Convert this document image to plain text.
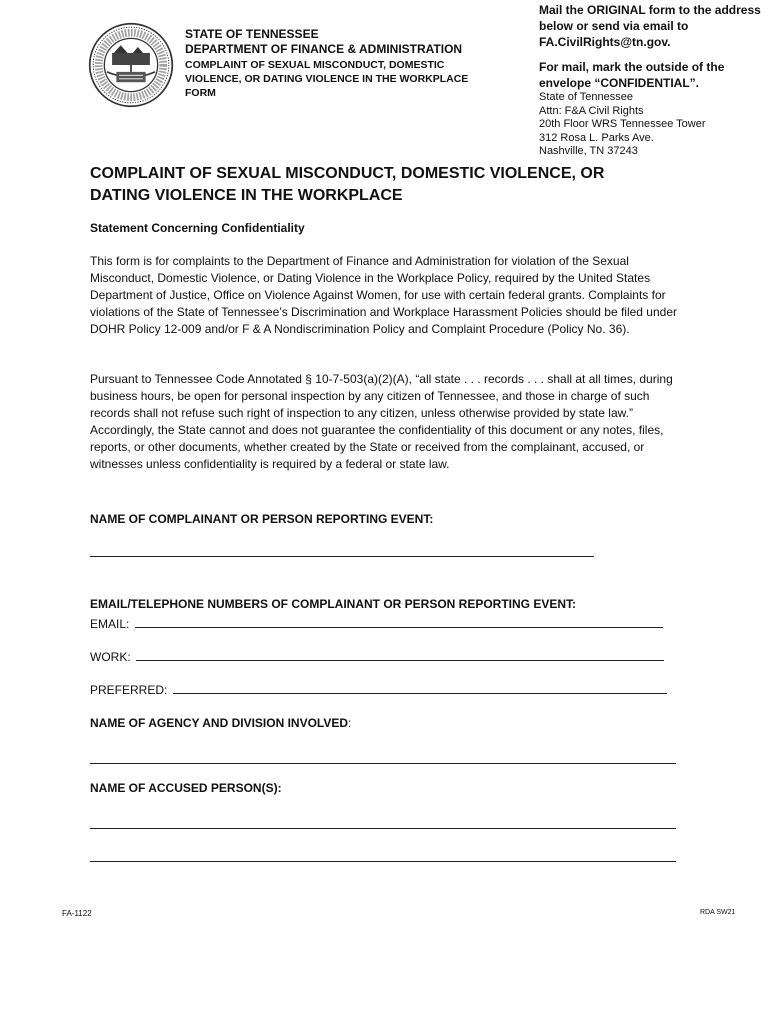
STATE OF TENNESSEE
DEPARTMENT OF FINANCE & ADMINISTRATION
COMPLAINT OF SEXUAL MISCONDUCT, DOMESTIC VIOLENCE, OR DATING VIOLENCE IN THE WORKPLACE FORM
Mail the ORIGINAL form to the address below or send via email to FA.CivilRights@tn.gov.
For mail, mark the outside of the envelope “CONFIDENTIAL”.
State of Tennessee
Attn: F&A Civil Rights
20th Floor WRS Tennessee Tower
312 Rosa L. Parks Ave.
Nashville, TN 37243
COMPLAINT OF SEXUAL MISCONDUCT, DOMESTIC VIOLENCE, OR DATING VIOLENCE IN THE WORKPLACE
Statement Concerning Confidentiality
This form is for complaints to the Department of Finance and Administration for violation of the Sexual Misconduct, Domestic Violence, or Dating Violence in the Workplace Policy, required by the United States Department of Justice, Office on Violence Against Women, for use with certain federal grants. Complaints for violations of the State of Tennessee’s Discrimination and Workplace Harassment Policies should be filed under DOHR Policy 12-009 and/or F & A Nondiscrimination Policy and Complaint Procedure (Policy No. 36).
Pursuant to Tennessee Code Annotated § 10-7-503(a)(2)(A), “all state . . . records . . . shall at all times, during business hours, be open for personal inspection by any citizen of Tennessee, and those in charge of such records shall not refuse such right of inspection to any citizen, unless otherwise provided by state law.” Accordingly, the State cannot and does not guarantee the confidentiality of this document or any notes, files, reports, or other documents, whether created by the State or received from the complainant, accused, or witnesses unless confidentiality is required by a federal or state law.
NAME OF COMPLAINANT OR PERSON REPORTING EVENT:
EMAIL/TELEPHONE NUMBERS OF COMPLAINANT OR PERSON REPORTING EVENT:
EMAIL:
WORK:
PREFERRED:
NAME OF AGENCY AND DIVISION INVOLVED:
NAME OF ACCUSED PERSON(S):
FA-1122	RDA SW21
